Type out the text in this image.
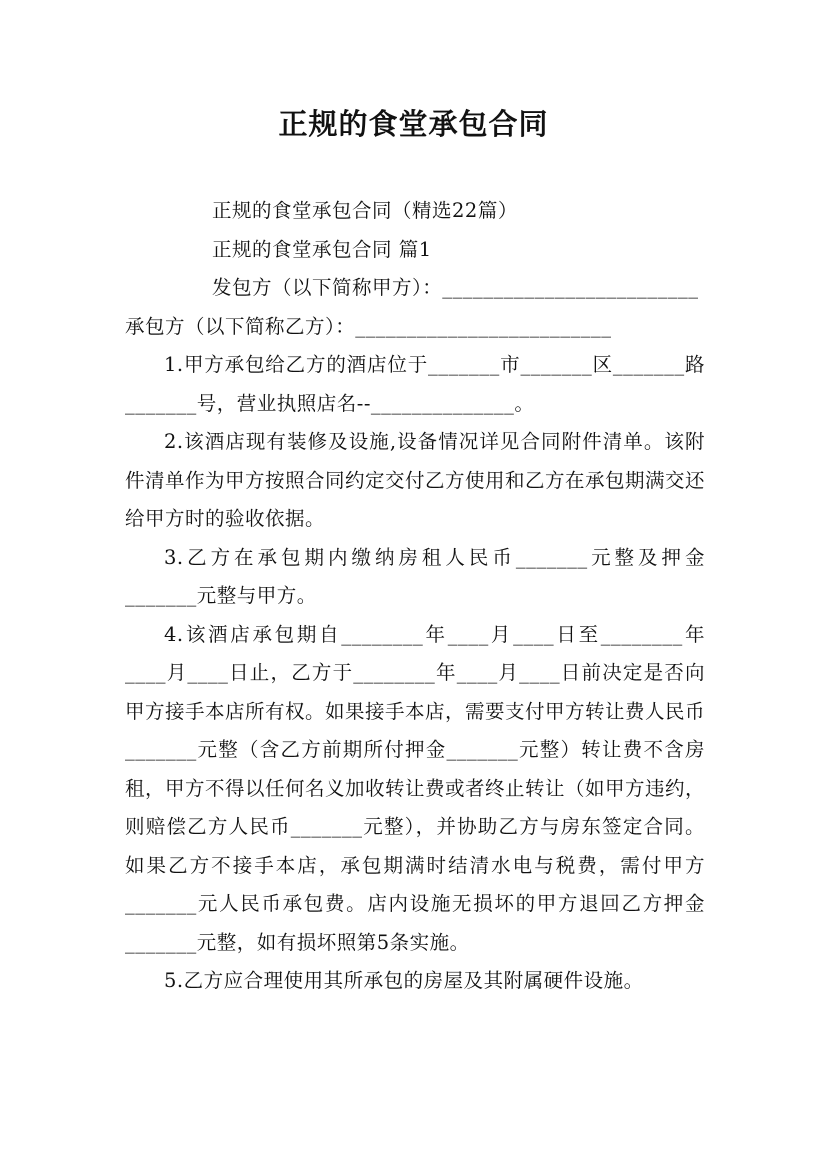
正规的食堂承包合同

正规的食堂承包合同（精选22篇）

正规的食堂承包合同 篇1

发包方（以下简称甲方）：_________________________

承包方（以下简称乙方）：_________________________

1.甲方承包给乙方的酒店位于_______市_______区_______路_______号，营业执照店名--______________。

2.该酒店现有装修及设施,设备情况详见合同附件清单。该附件清单作为甲方按照合同约定交付乙方使用和乙方在承包期满交还给甲方时的验收依据。

3.乙方在承包期内缴纳房租人民币_______元整及押金_______元整与甲方。

4.该酒店承包期自________年____月____日至________年____月____日止，乙方于________年____月____日前决定是否向甲方接手本店所有权。如果接手本店，需要支付甲方转让费人民币_______元整（含乙方前期所付押金_______元整）转让费不含房租，甲方不得以任何名义加收转让费或者终止转让（如甲方违约，则赔偿乙方人民币_______元整），并协助乙方与房东签定合同。如果乙方不接手本店，承包期满时结清水电与税费，需付甲方_______元人民币承包费。店内设施无损坏的甲方退回乙方押金_______元整，如有损坏照第5条实施。

5.乙方应合理使用其所承包的房屋及其附属硬件设施。
